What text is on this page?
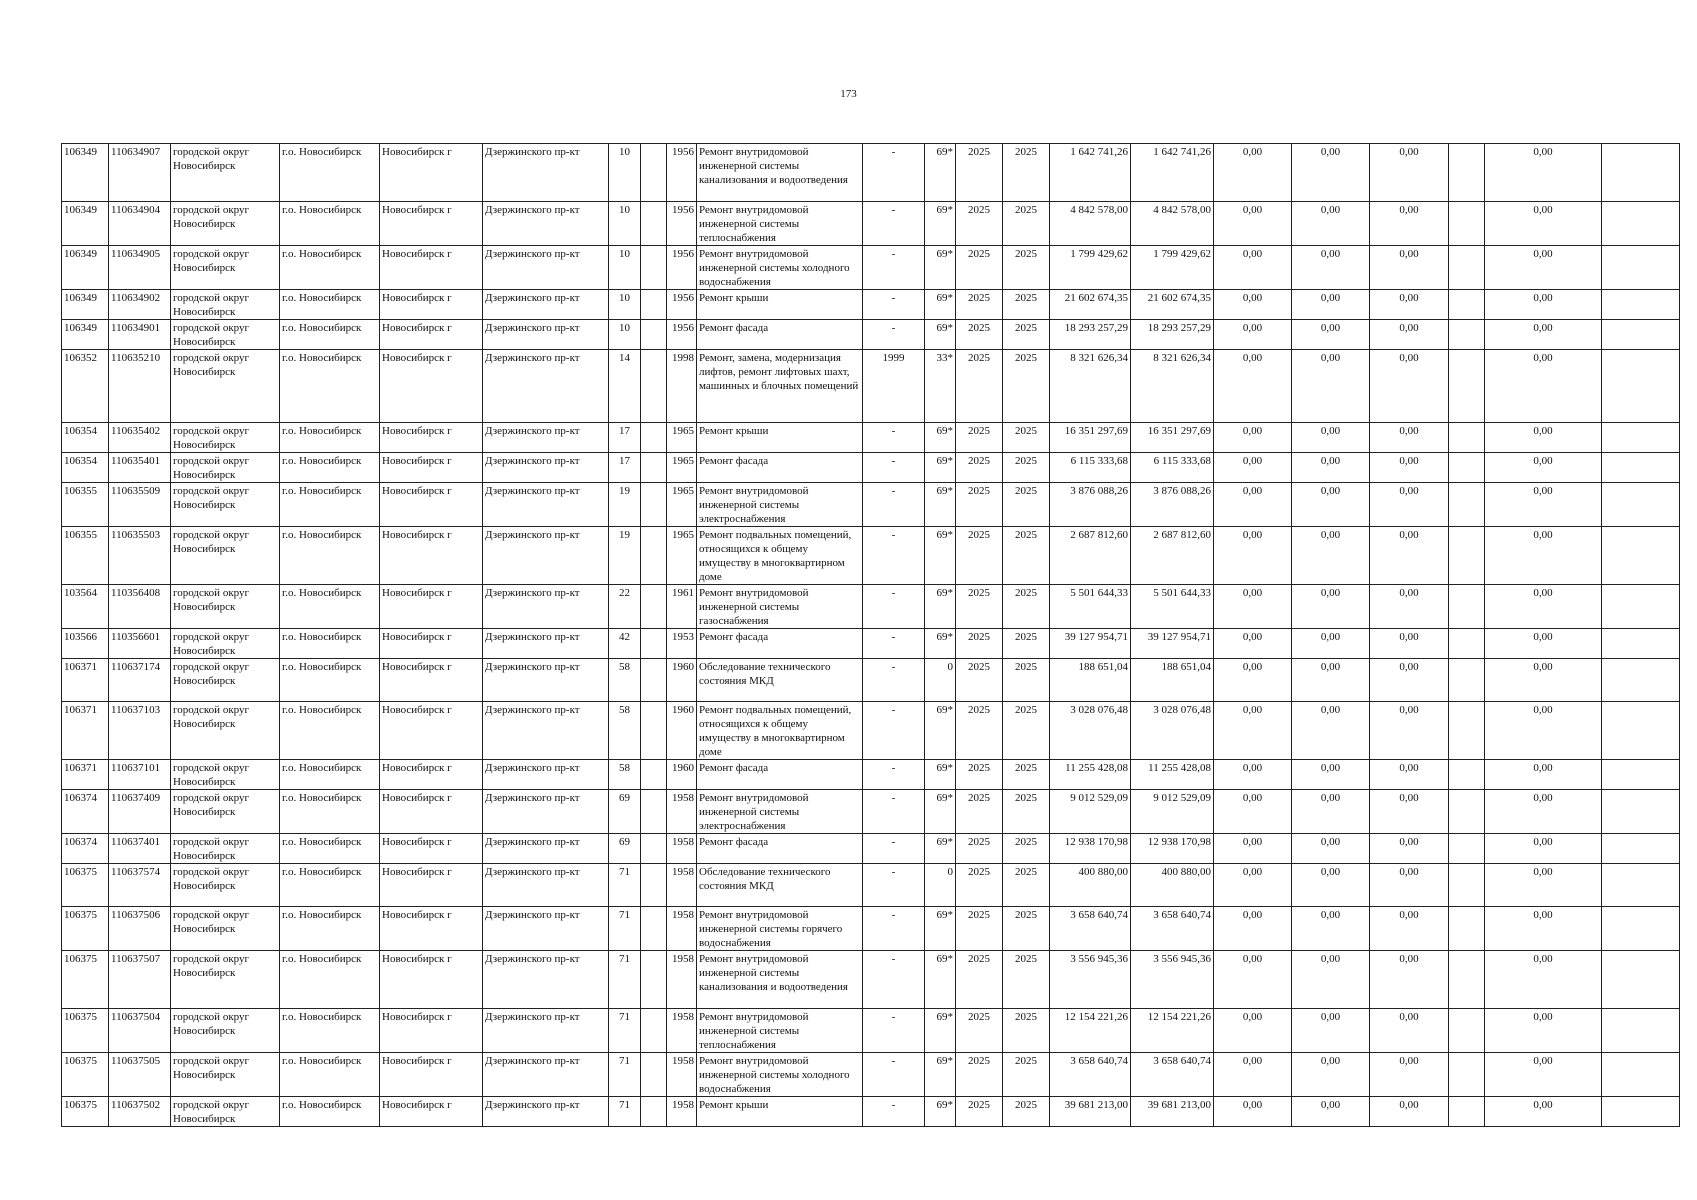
173
106349	110634907	городской округ Новосибирск	г.о. Новосибирск	Новосибирск г	Дзержинского пр-кт	10		1956	Ремонт внутридомовой инженерной системы канализования и водоотведения	-	69*	2025	2025	1 642 741,26	1 642 741,26	0,00	0,00	0,00		0,00	
106349	110634904	городской округ Новосибирск	г.о. Новосибирск	Новосибирск г	Дзержинского пр-кт	10		1956	Ремонт внутридомовой инженерной системы теплоснабжения	-	69*	2025	2025	4 842 578,00	4 842 578,00	0,00	0,00	0,00		0,00	
106349	110634905	городской округ Новосибирск	г.о. Новосибирск	Новосибирск г	Дзержинского пр-кт	10		1956	Ремонт внутридомовой инженерной системы холодного водоснабжения	-	69*	2025	2025	1 799 429,62	1 799 429,62	0,00	0,00	0,00		0,00	
106349	110634902	городской округ Новосибирск	г.о. Новосибирск	Новосибирск г	Дзержинского пр-кт	10		1956	Ремонт крыши	-	69*	2025	2025	21 602 674,35	21 602 674,35	0,00	0,00	0,00		0,00	
106349	110634901	городской округ Новосибирск	г.о. Новосибирск	Новосибирск г	Дзержинского пр-кт	10		1956	Ремонт фасада	-	69*	2025	2025	18 293 257,29	18 293 257,29	0,00	0,00	0,00		0,00	
106352	110635210	городской округ Новосибирск	г.о. Новосибирск	Новосибирск г	Дзержинского пр-кт	14		1998	Ремонт, замена, модернизация лифтов, ремонт лифтовых шахт, машинных и блочных помещений	1999	33*	2025	2025	8 321 626,34	8 321 626,34	0,00	0,00	0,00		0,00	
106354	110635402	городской округ Новосибирск	г.о. Новосибирск	Новосибирск г	Дзержинского пр-кт	17		1965	Ремонт крыши	-	69*	2025	2025	16 351 297,69	16 351 297,69	0,00	0,00	0,00		0,00	
106354	110635401	городской округ Новосибирск	г.о. Новосибирск	Новосибирск г	Дзержинского пр-кт	17		1965	Ремонт фасада	-	69*	2025	2025	6 115 333,68	6 115 333,68	0,00	0,00	0,00		0,00	
106355	110635509	городской округ Новосибирск	г.о. Новосибирск	Новосибирск г	Дзержинского пр-кт	19		1965	Ремонт внутридомовой инженерной системы электроснабжения	-	69*	2025	2025	3 876 088,26	3 876 088,26	0,00	0,00	0,00		0,00	
106355	110635503	городской округ Новосибирск	г.о. Новосибирск	Новосибирск г	Дзержинского пр-кт	19		1965	Ремонт подвальных помещений, относящихся к общему имуществу в многоквартирном доме	-	69*	2025	2025	2 687 812,60	2 687 812,60	0,00	0,00	0,00		0,00	
103564	110356408	городской округ Новосибирск	г.о. Новосибирск	Новосибирск г	Дзержинского пр-кт	22		1961	Ремонт внутридомовой инженерной системы газоснабжения	-	69*	2025	2025	5 501 644,33	5 501 644,33	0,00	0,00	0,00		0,00	
103566	110356601	городской округ Новосибирск	г.о. Новосибирск	Новосибирск г	Дзержинского пр-кт	42		1953	Ремонт фасада	-	69*	2025	2025	39 127 954,71	39 127 954,71	0,00	0,00	0,00		0,00	
106371	110637174	городской округ Новосибирск	г.о. Новосибирск	Новосибирск г	Дзержинского пр-кт	58		1960	Обследование технического состояния МКД	-	0	2025	2025	188 651,04	188 651,04	0,00	0,00	0,00		0,00	
106371	110637103	городской округ Новосибирск	г.о. Новосибирск	Новосибирск г	Дзержинского пр-кт	58		1960	Ремонт подвальных помещений, относящихся к общему имуществу в многоквартирном доме	-	69*	2025	2025	3 028 076,48	3 028 076,48	0,00	0,00	0,00		0,00	
106371	110637101	городской округ Новосибирск	г.о. Новосибирск	Новосибирск г	Дзержинского пр-кт	58		1960	Ремонт фасада	-	69*	2025	2025	11 255 428,08	11 255 428,08	0,00	0,00	0,00		0,00	
106374	110637409	городской округ Новосибирск	г.о. Новосибирск	Новосибирск г	Дзержинского пр-кт	69		1958	Ремонт внутридомовой инженерной системы электроснабжения	-	69*	2025	2025	9 012 529,09	9 012 529,09	0,00	0,00	0,00		0,00	
106374	110637401	городской округ Новосибирск	г.о. Новосибирск	Новосибирск г	Дзержинского пр-кт	69		1958	Ремонт фасада	-	69*	2025	2025	12 938 170,98	12 938 170,98	0,00	0,00	0,00		0,00	
106375	110637574	городской округ Новосибирск	г.о. Новосибирск	Новосибирск г	Дзержинского пр-кт	71		1958	Обследование технического состояния МКД	-	0	2025	2025	400 880,00	400 880,00	0,00	0,00	0,00		0,00	
106375	110637506	городской округ Новосибирск	г.о. Новосибирск	Новосибирск г	Дзержинского пр-кт	71		1958	Ремонт внутридомовой инженерной системы горячего водоснабжения	-	69*	2025	2025	3 658 640,74	3 658 640,74	0,00	0,00	0,00		0,00	
106375	110637507	городской округ Новосибирск	г.о. Новосибирск	Новосибирск г	Дзержинского пр-кт	71		1958	Ремонт внутридомовой инженерной системы канализования и водоотведения	-	69*	2025	2025	3 556 945,36	3 556 945,36	0,00	0,00	0,00		0,00	
106375	110637504	городской округ Новосибирск	г.о. Новосибирск	Новосибирск г	Дзержинского пр-кт	71		1958	Ремонт внутридомовой инженерной системы теплоснабжения	-	69*	2025	2025	12 154 221,26	12 154 221,26	0,00	0,00	0,00		0,00	
106375	110637505	городской округ Новосибирск	г.о. Новосибирск	Новосибирск г	Дзержинского пр-кт	71		1958	Ремонт внутридомовой инженерной системы холодного водоснабжения	-	69*	2025	2025	3 658 640,74	3 658 640,74	0,00	0,00	0,00		0,00	
106375	110637502	городской округ Новосибирск	г.о. Новосибирск	Новосибирск г	Дзержинского пр-кт	71		1958	Ремонт крыши	-	69*	2025	2025	39 681 213,00	39 681 213,00	0,00	0,00	0,00		0,00	
